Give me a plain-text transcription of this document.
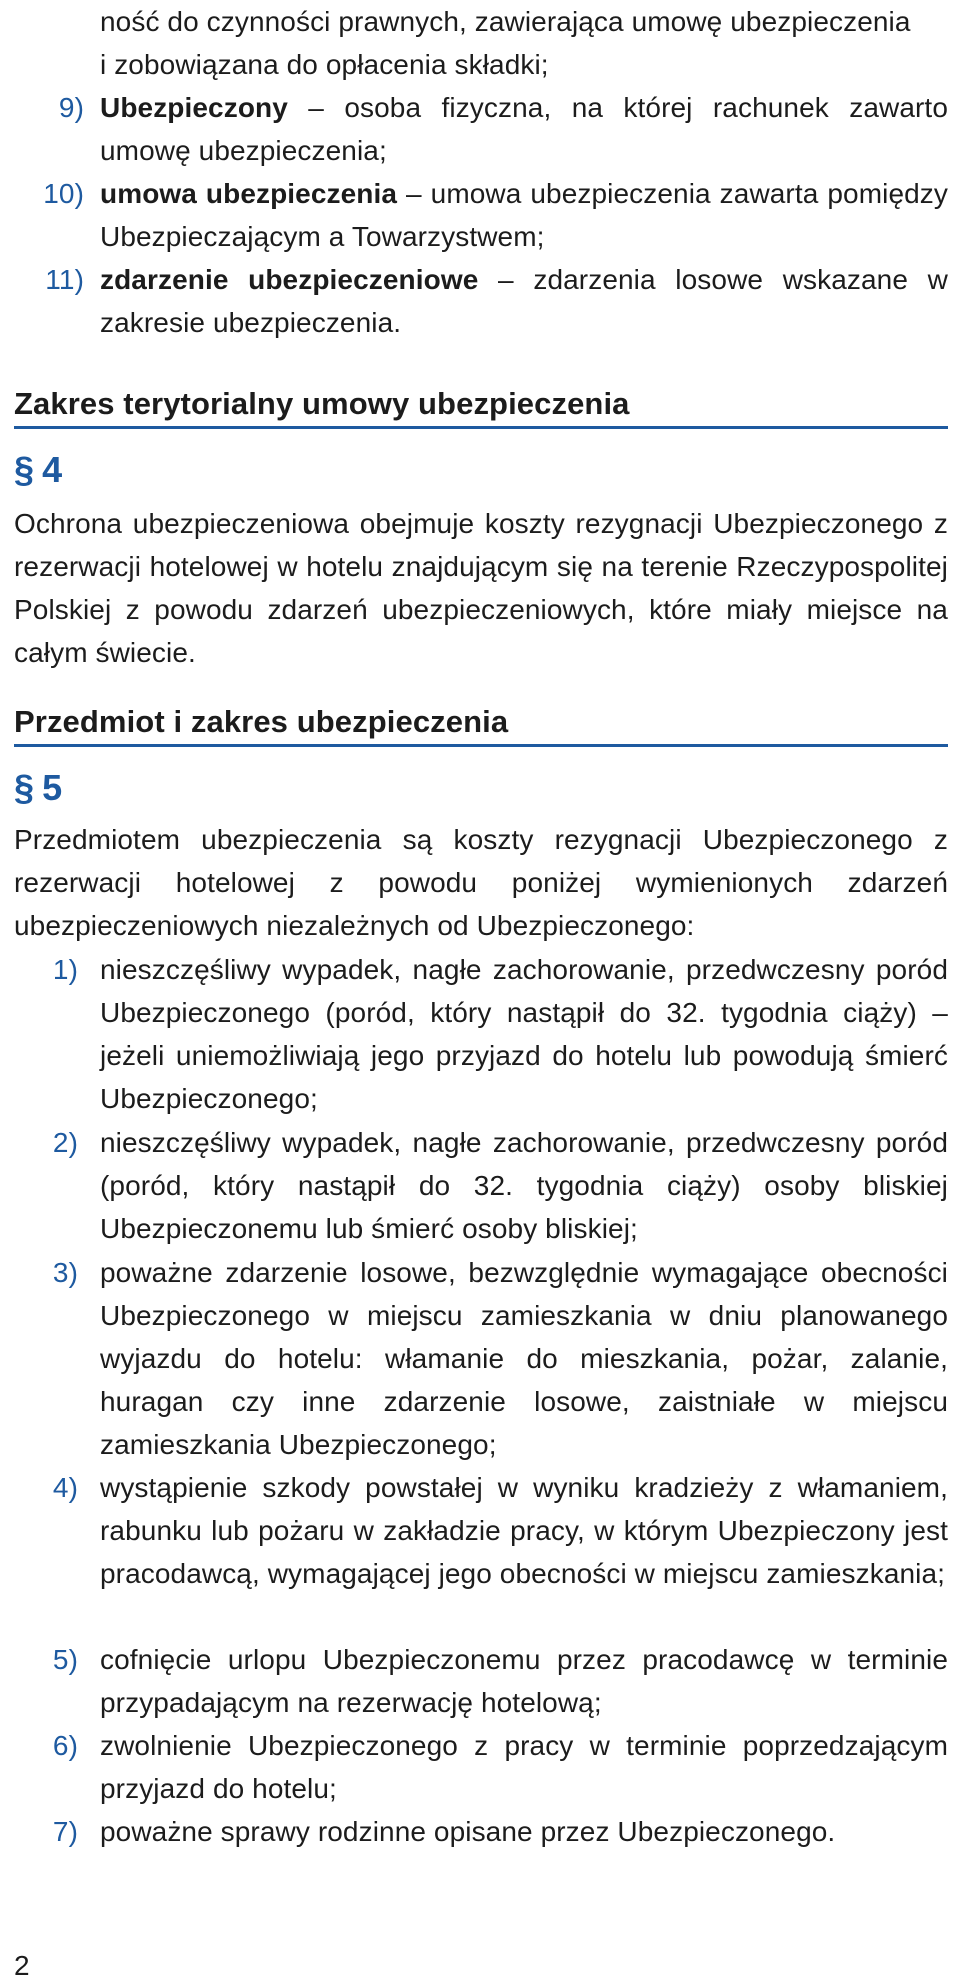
ność do czynności prawnych, zawierająca umowę ubezpieczenia
i zobowiązana do opłacenia składki;
9) Ubezpieczony – osoba fizyczna, na której rachunek zawarto umowę ubezpieczenia;
10) umowa ubezpieczenia – umowa ubezpieczenia zawarta pomiędzy Ubezpieczającym a Towarzystwem;
11) zdarzenie ubezpieczeniowe – zdarzenia losowe wskazane w zakresie ubezpieczenia.
Zakres terytorialny umowy ubezpieczenia
§ 4
Ochrona ubezpieczeniowa obejmuje koszty rezygnacji Ubezpieczonego z rezerwacji hotelowej w hotelu znajdującym się na terenie Rzeczypospolitej Polskiej z powodu zdarzeń ubezpieczeniowych, które miały miejsce na całym świecie.
Przedmiot i zakres ubezpieczenia
§ 5
Przedmiotem ubezpieczenia są koszty rezygnacji Ubezpieczonego z rezerwacji hotelowej z powodu poniżej wymienionych zdarzeń ubezpieczeniowych niezależnych od Ubezpieczonego:
1) nieszczęśliwy wypadek, nagłe zachorowanie, przedwczesny poród Ubezpieczonego (poród, który nastąpił do 32. tygodnia ciąży) – jeżeli uniemożliwiają jego przyjazd do hotelu lub powodują śmierć Ubezpieczonego;
2) nieszczęśliwy wypadek, nagłe zachorowanie, przedwczesny poród (poród, który nastąpił do 32. tygodnia ciąży) osoby bliskiej Ubezpieczonemu lub śmierć osoby bliskiej;
3) poważne zdarzenie losowe, bezwzględnie wymagające obecności Ubezpieczonego w miejscu zamieszkania w dniu planowanego wyjazdu do hotelu: włamanie do mieszkania, pożar, zalanie, huragan czy inne zdarzenie losowe, zaistniałe w miejscu zamieszkania Ubezpieczonego;
4) wystąpienie szkody powstałej w wyniku kradzieży z włamaniem, rabunku lub pożaru w zakładzie pracy, w którym Ubezpieczony jest pracodawcą, wymagającej jego obecności w miejscu zamieszkania;
5) cofnięcie urlopu Ubezpieczonemu przez pracodawcę w terminie przypadającym na rezerwację hotelową;
6) zwolnienie Ubezpieczonego z pracy w terminie poprzedzającym przyjazd do hotelu;
7) poważne sprawy rodzinne opisane przez Ubezpieczonego.
2
